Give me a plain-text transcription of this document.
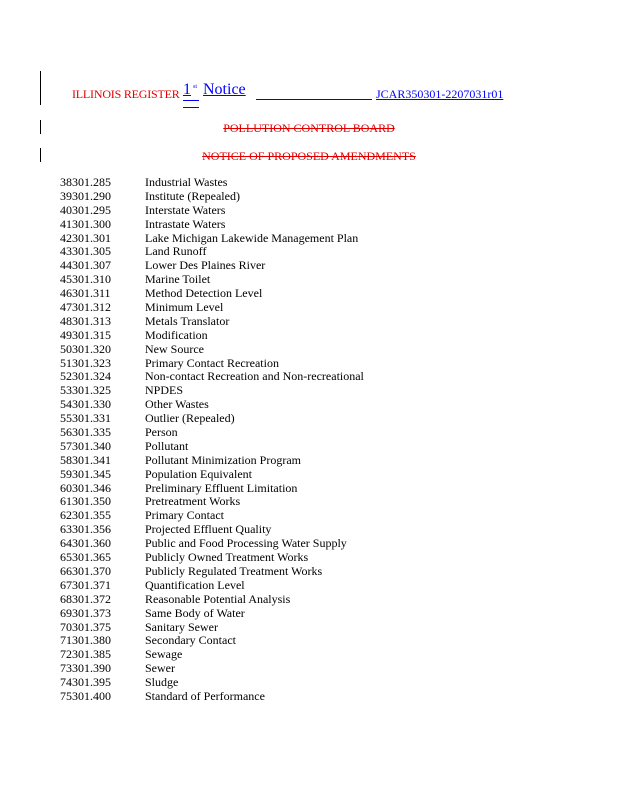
ILLINOIS REGISTER 1 st Notice	JCAR350301-2207031r01
POLLUTION CONTROL BOARD
NOTICE OF PROPOSED AMENDMENTS
38301.285	Industrial Wastes
39301.290	Institute (Repealed)
40301.295	Interstate Waters
41301.300	Intrastate Waters
42301.301	Lake Michigan Lakewide Management Plan
43301.305	Land Runoff
44301.307	Lower Des Plaines River
45301.310	Marine Toilet
46301.311	Method Detection Level
47301.312	Minimum Level
48301.313	Metals Translator
49301.315	Modification
50301.320	New Source
51301.323	Primary Contact Recreation
52301.324	Non-contact Recreation and Non-recreational
53301.325	NPDES
54301.330	Other Wastes
55301.331	Outlier (Repealed)
56301.335	Person
57301.340	Pollutant
58301.341	Pollutant Minimization Program
59301.345	Population Equivalent
60301.346	Preliminary Effluent Limitation
61301.350	Pretreatment Works
62301.355	Primary Contact
63301.356	Projected Effluent Quality
64301.360	Public and Food Processing Water Supply
65301.365	Publicly Owned Treatment Works
66301.370	Publicly Regulated Treatment Works
67301.371	Quantification Level
68301.372	Reasonable Potential Analysis
69301.373	Same Body of Water
70301.375	Sanitary Sewer
71301.380	Secondary Contact
72301.385	Sewage
73301.390	Sewer
74301.395	Sludge
75301.400	Standard of Performance
